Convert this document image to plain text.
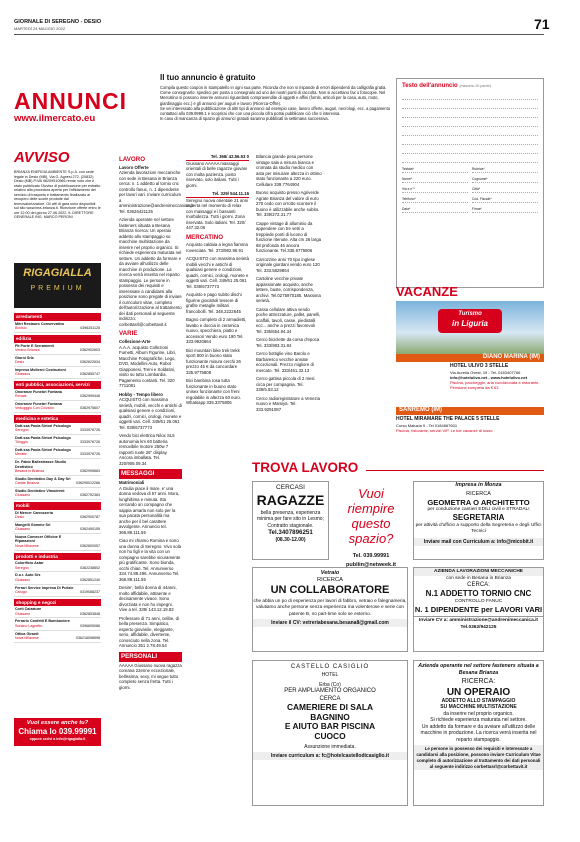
GIORNALE DI SEREGNO - DESIO
MARTEDÌ 24 MAGGIO 2022	71
ANNUNCI
www.ilmercato.eu
Il tuo annuncio è gratuito

Compila questo coupon in stampatello in ogni sua parte. Riconda che non si rispande di errori dipendenti da calligrafia gratia.

Come consegnarlo: spedisci per posta o consegnalo ad uno dei nostri punti di raccolta. Non si accettano fax o fotocopie. Nel Mercatino si possono inserire annunci riguardanti compravendite di oggetti e affini (forniti, articoli per la casa, auto, moto, giardinaggio ecc.) e gli annunci per auguri e lavoro (Ricerca-Offre).

Se vei interessato alla pubblicazione di altri tipi di annunci ad esempio case, lavoro offerte, auguri, necrologi, ecc. a pagamento contattaci allo 039.9999.1 e scoprirai che con una piccola cifra potrai pubblicare ciò che ti interessa.

In caso di mancanza di spazio gli annunci gratuiti saranno pubblicati la settimana successiva.

Testo dell'annuncio (massimo 20 parole)
Testata*	Rubrica*
Nome*	Cognome*
Via e n°*	Città*
Telefono*	Cod. Fiscale*
Data*	Firma*
AVVISO
BRIANZA ENERGIA AMBIENTE S.p.A. con sede legale in Desio (MB), Via G. Agnesi 272, (20832) Desio (MB) P.IVA 06209510966 rende noto che è stato pubblicato l'Avviso di pubblicazione per estratto relativo alla procedura aperta per l'affidamento del servizio di trasporto e trattamento finalizzato al recupero delle scorie prodotte dal termovalorizzatore. Gli atti di gara sono disponibili sul sito www.bea-brianza.it. Ricezione offerte entro le ore 12:00 del giorno 27.06.2022. IL DIRETTORE GENERALE ING. MARCO PERONI
RIGAGIALLA
PREMIUM
arredamenti
Mitri Restauro Conservativo
Bovisio	0396251125
edilizia
Fit Porte E Serramenti
Verano Brianza	0362902603
Giorni Srls
Desio	0362622634
Impresa Molterni Costruzioni
Giussano	0362855747
enti pubblici, associazioni, servizi
Onoranze Funebri Fontana
Renate	0362999446
Onoranze Funebri Fontana
Vedugggio Con Colzano	0362975607
medicina e estetica
Dott.ssa Paola Sirtori Psicologo
Seregno	3333976726
Dott.ssa Paola Sirtori Psicologo
Triuggio	3333976726
Dott.ssa Paola Sirtori Psicologo
Meratie	3333976726
Dr. Fabio Ballestrasse Studio Dentistico
Besana in Brianza	0362995663
Studio Dentistico Day & Day Srl
Carate Brianza	036295012266
Studio Dentistico Vimodrent
Giussano	0362752363
mobili
Di Mercer Carrozzeria
Desio	0362900787
Mangelli Gomme Srl
Giussano	0362490155
Nuova Comecer Officine E Riparazioni
Nova Milanese	0362800057
prodotti e industria
Coloriflcio Astar
Seregno	0362238802
D.o.r. Auto Srs
Giussano	0362851240
Ferrari Service Impresa Di Pulizie
Carugo	0319088237
shopping e negozi
Corti Calzature
Giussano	0362853848
Ferrario Confetti E Bomboniere
Soriano Lagnetto	0396605086
Ottica Girardi
Nova Milanese	036216098598
Vuoi essere anche tu?
Chiama lo 039.99991
oppure scrivi a info@rigagialla.it
LAVORO
Lavoro Offerte

Azienda lavorazioni meccaniche con sede in Besana in Brianza cerca: n. 1 addetto al tornio cnc controllo fanuc, n. 1 dipendente per lavori vari. Inviare curriculum a amministrazione@andrenimeccanica.it Tel. 03626421125

Azienda operante nel settore fasteners situata a Besana Brianza ricerca: Un operaio addetto allo stampaggio su macchine multistazione da inserire nel proprio organico. Si richiede esperienza maturata nel settore. Un addetto da formare e da avviare all'utilizzo delle macchine in produzione. La ricerca verrà inserita nel reparto stampaggio. Le persone in possesso dei requisiti e interessate a candidarsi alla posizione sono pregate di inviare il curriculum vitae, completo dell'autorizzazione al trattamento dei dati personali al seguente indirizzo: corbettasrl@corbettavit.it

VARIE
Collezione-Arte

A.A.A. acquisto Collezioni Fumetti, Album Figurine, Libri, Macchine Fotografiche, Lego, DVD, Modellini Auto, Robot Giapponesi, Treni e Soldatini, visito su tutto Lombardia. Pagamento contanti. Tel. 320 7711081

Hobby - Tempo libero

ACQUISTO con massima serietà, mobili, vecchi e antichi di qualsiasi genere e condizioni, quadri, cornici, orologi, monete e oggetti vari. Cell. 349/61 25.061 Tel. 039/6737773

Vendo bici elettrica Nilox SL5 autonomia km 60 batteria removibile motore 250w 7 rapporti ruote 26'' display. Ancora imballata. Tel. 320/908.09.34

MESSAGGI
Matrimoniali

A Giulia piace il mare, e' una donna vedova di 57 anni. Mora, lunghiltima e minuta. Sta cercando un compagno che sappia amarla non solo per la sua pacata personalità ma anche per il bel carattere avvolgente. Annuncio tel. 366.89.111.55

Ciao mi chiamo Romina e sono una donna di Seregno. Vivo sola non ho figli e la vita con un compagno sarebbe sicuramente più gratificante. Sono bionda, occhi chiari. Tel. Annunverso 334.74.88.496. Annunverso Tel. 366.89.111.55

Desire', bella donna di 44anni, molto affidabile, attraente e decisamente vivace. Sono divorziata e non ho impegni. Vive a tel. 339/ 143.12.19.83

Professore di 71 anni, celibe, di bella presenza. Simpatico, esperto giovanile, eleggante, serio, affidabile, divertente, conosciuto nella zona. Tel. Annuncio 351 2.78.49.54

PERSONALI

AAAAA Giussano nuova ragazza coreana 22enne eccezionale, bellissima, sexy, mi segue tutto completo senza fretta. Tutti i giorni.

Tel. 366/ 42.56.53 0

Giussano AAAAA massaggi orientali di belle ragazze giovani con molta pazienza. posto riservato, solo italiani. Tutti i giorni.

Tel. 329/ 544.11.16

Seregno nuova orientale 21 anni esperta nel momento di relax con massaggi e i bassanti morbidezza. Tutti i giorni. Zona riservata. Solo italiani. Tel. 320/ 447.32.06

MERCATINO

Acquisto caldaia a legna fiamma rovesciata. Tel. 373/982.95.91

ACQUISTO con massima serietà mobili vecchi e antichi di qualsiasi genere e condizioni, quadri, cornici, orologi, monete e oggetti vari. Cell. 349/61 25.061 Tel. 039/6737773

Acquisto e pago subito dischi figurine giocattoli tessere di grafite metaglie militari francobolli. Tel. 348.2222645

Bagno completo di 2 armadietti, lavabo e doccia in ceramica nuovo, specchiera, piatto e accessori Vendo euro 190 Tel. 333.9920664

Bici mountain bike trek trekk sport 800 in buono stato funzionante misura cerchi 26 prezzo 45 € da concordare 335.9775808

Bici bambina rosa tutta funzionante in buono stato unisex funzionante con freni regolabile in altezza 60 euro. Whatsapp 335.3375806

Bilancia grande pesa persone vintage sala a misura bianca e cromata da studio medico con asta per misurare altezza in ottimo stato funzionante a 220 euro. Cellulare 339.7764904

Buono acquisto presso Agriverde Agrate Brianza del valore di euro 270 cedo con orrotto scontore il buono è utilizzabile anche subito. Tel. 339/272.31.77

Cappe vintage di alluminio da appendere con tre vetri a treppiede ponti di lucono di funzione ritenute. Alta cm 26 larga 68 profonda 46 ancora funzionante. Tel.335.9775806

Carrozzine anni 70 tipo inglese originale giordani vendo euro 120 Tel. 333.5829864

Cartoline vecchie private appassionate acquisto, anche lettere, buste, corrispondenza, archivi. Tel.0275970185. Massima serietà.

Cassa cellulare attiva vendo poche attrezzature, pallet, panelli, scaffali, tavoli, casse, piedistalli ecc... anche a prezzi favorevoli Tel. 335/654.94.34

Cerco biciclette da corsa d'epoca Tel. 333/983.31.84

Cerco bottiglie vino Barolo e Barbaresco vecchie annate eccezionali. Prezzo migliore di mercato. Tel. 333/461.32.13

Cerco gattina piccola di 2 mesi circa per compagnia. Tel. 339/5.83.12

Cerco radioregistratore a Venezia nuovo e Mamiya. Tel. 333.9291087

VACANZE
Turismo
in Liguria
DIANO MARINA (IM)
HOTEL ULIVO 3 STELLE
Via Aurelia Ovest, 19 - Tel. 0183407766
info@hotelulivo.net - www.hotelulivo.net
Piscina, parcheggio, aria condizionata e ristorante. Pensione completa da € 63
SANREMO (IM)
HOTEL MIRAMARE THE PALACE 5 STELLE
Corso Matuzia 9 - Tel 0184667601
Piscina, ristorante, servizi VIP. Le tue vacanze di lusso
TROVA LAVORO
CERCASI
RAGAZZE
bella presenza, esperienza minima per fare sito in Lesmo; Contratto stagionale.
Tel.3407896251
(08.30-12.00)
Vuoi riempire questo spazio?
Tel. 039.99991
publiin@netweek.it
Impresa in Monza
RICERCA
GEOMETRA O ARCHITETTO
per conduzione cantieri EDILI civili e STRADALI
SEGRETARIA
per attività d'ufficio a supporto della Segreteria e degli Uffici Tecnici
Inviare mail con Curriculum a: info@micobit.it
Vetraio
RICERCA
UN COLLABORATORE
che abbia un po di esperienza per lavori di fabbro, vetraio e falegnameria, valutiamo anche persone senza esperienza ma volenterose e serie con patente B, no part-time solo se esterno.
Inviare il CV: vetreriabesana.besana8@gmail.com
AZIENDA LAVORAZIONI MECCANICHE
con sede in Besana in Brianza
CERCA:
N.1 ADDETTO TORNIO CNC
CONTROLLO FANUC
N. 1 DIPENDENTE per LAVORI VARI
Inviare CV a: amministrazione@andrenimeccanica.it
Tel.0362/942125
CASTELLO CASIGLIO
HOTEL
Erba (Co)
PER AMPLIAMENTO ORGANICO
CERCA
CAMERIERE DI SALA
BAGNINO
E AIUTO BAR PISCINA
CUOCO
Assunzione immediata.
Inviare curriculum a: fc@hotelcastellodicasiglio.it
Azienda operante nel settore fasteners situata a Besana Brianza
RICERCA:
UN OPERAIO
ADDETTO ALLO STAMPAGGIO
SU MACCHINE MULTISTAZIONE
da inserire nel proprio organico.
Si richiede esperienza maturata nel settore.
Un addetto da formare e da avviare all'utilizzo delle macchine in produzione. La ricerca verrà inserita nel reparto stampaggio.
Le persone in possesso dei requisiti e interessate a candidarsi alla posizione, possono inviare Curriculum Vitae completo di autorizzazione al trattamento dei dati personali al seguente indirizzo corbettasrl@corbettavit.it
